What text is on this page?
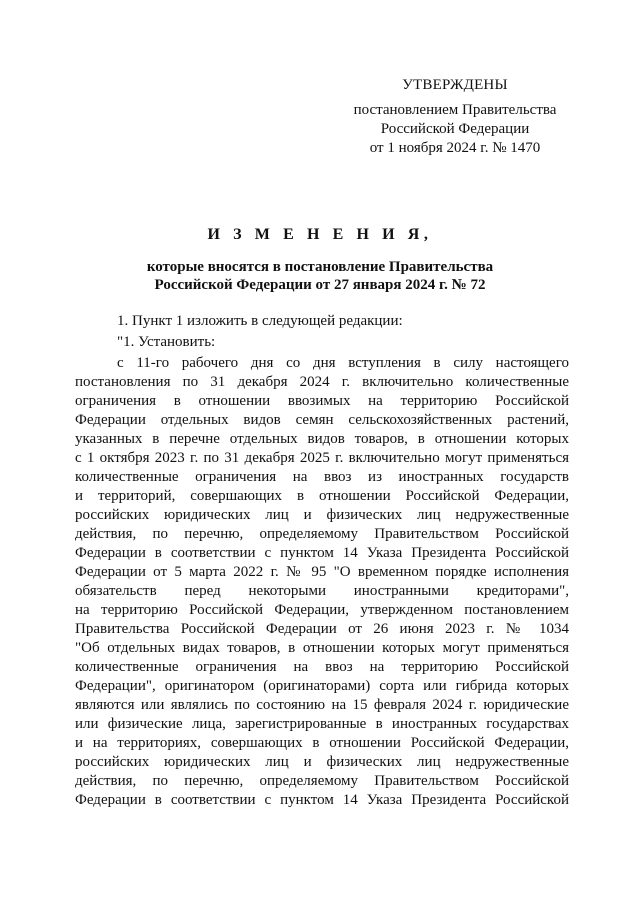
УТВЕРЖДЕНЫ
постановлением Правительства
Российской Федерации
от 1 ноября 2024 г. № 1470
И З М Е Н Е Н И Я,
которые вносятся в постановление Правительства
Российской Федерации от 27 января 2024 г. № 72
1. Пункт 1 изложить в следующей редакции:
"1. Установить:
с 11-го рабочего дня со дня вступления в силу настоящего
постановления по 31 декабря 2024 г. включительно количественные
ограничения в отношении ввозимых на территорию Российской
Федерации отдельных видов семян сельскохозяйственных растений,
указанных в перечне отдельных видов товаров, в отношении которых
с 1 октября 2023 г. по 31 декабря 2025 г. включительно могут применяться
количественные ограничения на ввоз из иностранных государств
и территорий, совершающих в отношении Российской Федерации,
российских юридических лиц и физических лиц недружественные
действия, по перечню, определяемому Правительством Российской
Федерации в соответствии с пунктом 14 Указа Президента Российской
Федерации от 5 марта 2022 г. № 95 "О временном порядке исполнения
обязательств перед некоторыми иностранными кредиторами",
на территорию Российской Федерации, утвержденном постановлением
Правительства Российской Федерации от 26 июня 2023 г. № 1034
"Об отдельных видах товаров, в отношении которых могут применяться
количественные ограничения на ввоз на территорию Российской
Федерации", оригинатором (оригинаторами) сорта или гибрида которых
являются или являлись по состоянию на 15 февраля 2024 г. юридические
или физические лица, зарегистрированные в иностранных государствах
и на территориях, совершающих в отношении Российской Федерации,
российских юридических лиц и физических лиц недружественные
действия, по перечню, определяемому Правительством Российской
Федерации в соответствии с пунктом 14 Указа Президента Российской
